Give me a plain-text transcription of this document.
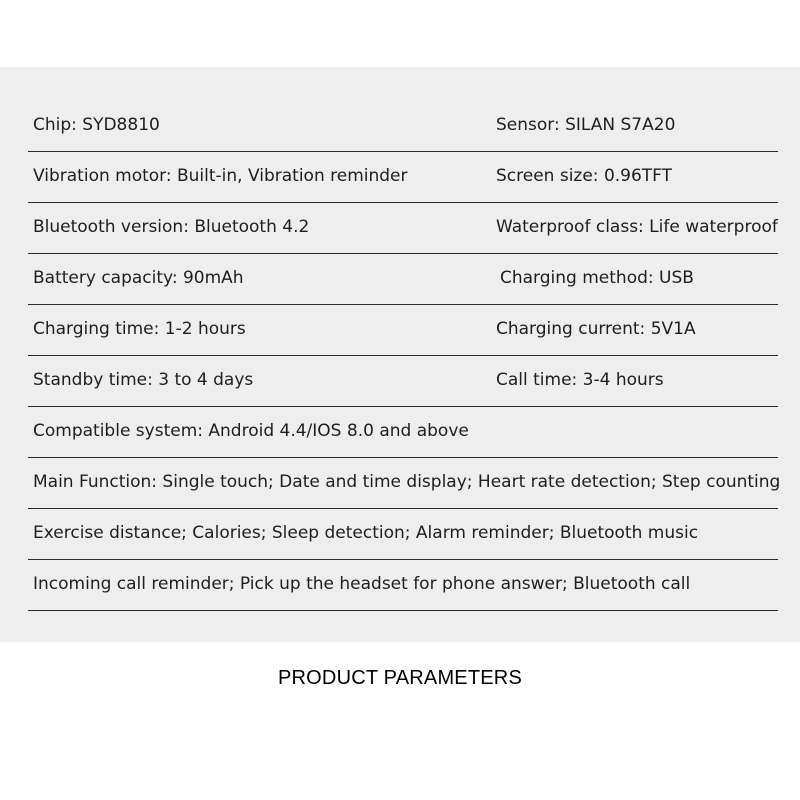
Chip: SYD8810	Sensor: SILAN S7A20
Vibration motor: Built-in, Vibration reminder	Screen size: 0.96TFT
Bluetooth version: Bluetooth 4.2	Waterproof class: Life waterproof
Battery capacity: 90mAh	Charging method: USB
Charging time: 1-2 hours	Charging current: 5V1A
Standby time: 3 to 4 days	Call time: 3-4 hours
Compatible system: Android 4.4/IOS 8.0 and above
Main Function: Single touch; Date and time display; Heart rate detection; Step counting
Exercise distance; Calories; Sleep detection; Alarm reminder; Bluetooth music
Incoming call reminder; Pick up the headset for phone answer; Bluetooth call
PRODUCT PARAMETERS
